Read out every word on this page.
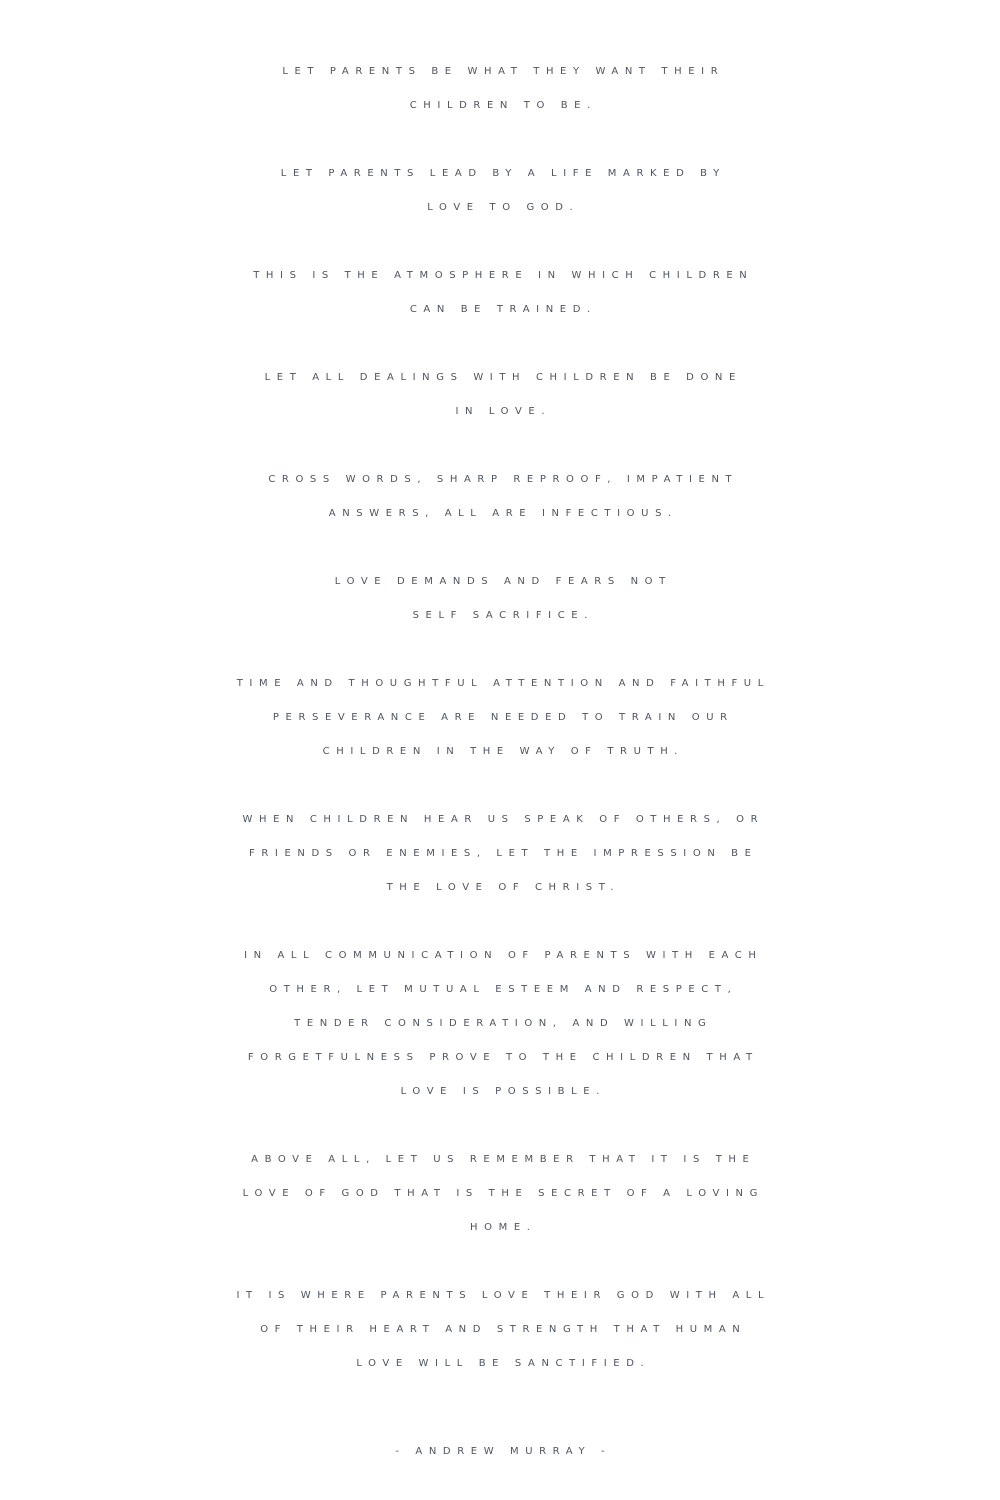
LET PARENTS BE WHAT THEY WANT THEIR
CHILDREN TO BE.
LET PARENTS LEAD BY A LIFE MARKED BY
LOVE TO GOD.
THIS IS THE ATMOSPHERE IN WHICH CHILDREN
CAN BE TRAINED.
LET ALL DEALINGS WITH CHILDREN BE DONE
IN LOVE.
CROSS WORDS, SHARP REPROOF, IMPATIENT
ANSWERS, ALL ARE INFECTIOUS.
LOVE DEMANDS AND FEARS NOT
SELF SACRIFICE.
TIME AND THOUGHTFUL ATTENTION AND FAITHFUL
PERSEVERANCE ARE NEEDED TO TRAIN OUR
CHILDREN IN THE WAY OF TRUTH.
WHEN CHILDREN HEAR US SPEAK OF OTHERS, OR
FRIENDS OR ENEMIES, LET THE IMPRESSION BE
THE LOVE OF CHRIST.
IN ALL COMMUNICATION OF PARENTS WITH EACH
OTHER, LET MUTUAL ESTEEM AND RESPECT,
TENDER CONSIDERATION, AND WILLING
FORGETFULNESS PROVE TO THE CHILDREN THAT
LOVE IS POSSIBLE.
ABOVE ALL, LET US REMEMBER THAT IT IS THE
LOVE OF GOD THAT IS THE SECRET OF A LOVING
HOME.
IT IS WHERE PARENTS LOVE THEIR GOD WITH ALL
OF THEIR HEART AND STRENGTH THAT HUMAN
LOVE WILL BE SANCTIFIED.
- ANDREW MURRAY -
